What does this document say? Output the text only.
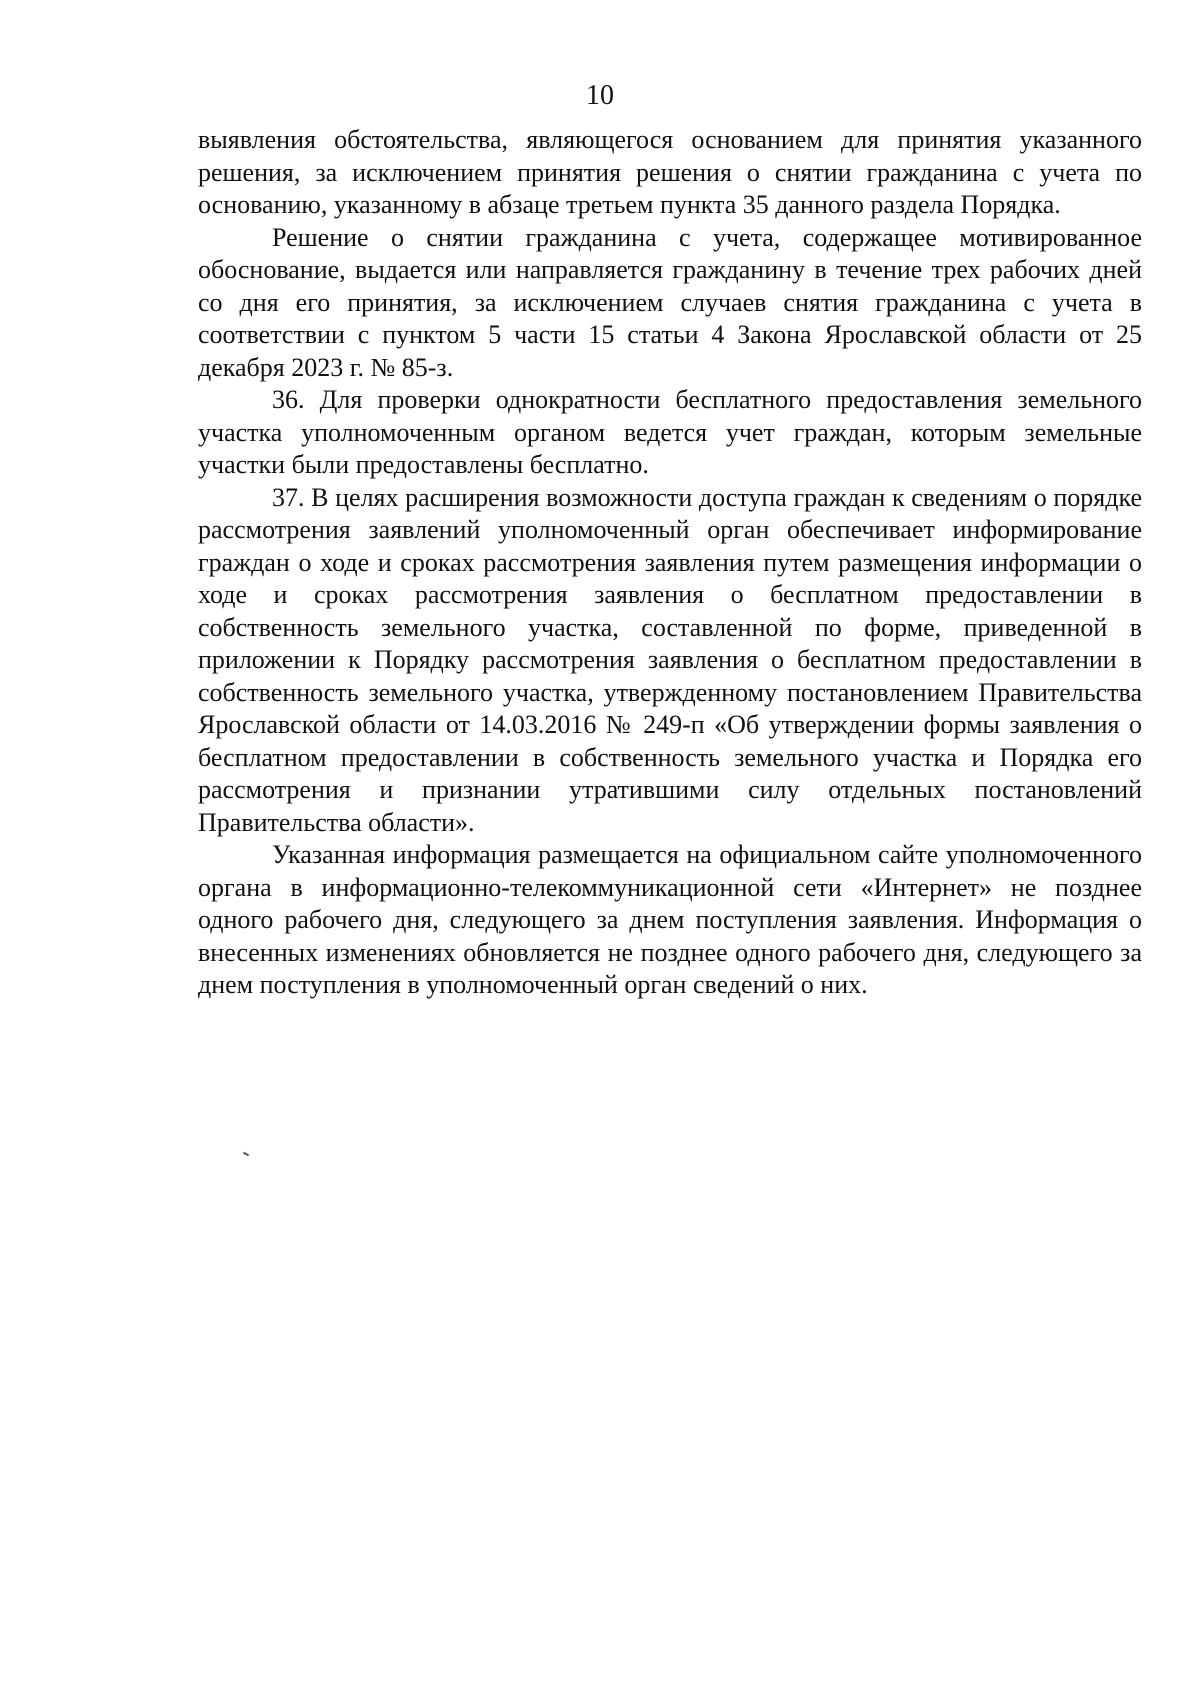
10

выявления обстоятельства, являющегося основанием для принятия указанного решения, за исключением принятия решения о снятии гражданина с учета по основанию, указанному в абзаце третьем пункта 35 данного раздела Порядка.

Решение о снятии гражданина с учета, содержащее мотивированное обоснование, выдается или направляется гражданину в течение трех рабочих дней со дня его принятия, за исключением случаев снятия гражданина с учета в соответствии с пунктом 5 части 15 статьи 4 Закона Ярославской области от 25 декабря 2023 г. № 85-з.

36. Для проверки однократности бесплатного предоставления земельного участка уполномоченным органом ведется учет граждан, которым земельные участки были предоставлены бесплатно.

37. В целях расширения возможности доступа граждан к сведениям о порядке рассмотрения заявлений уполномоченный орган обеспечивает информирование граждан о ходе и сроках рассмотрения заявления путем размещения информации о ходе и сроках рассмотрения заявления о бесплатном предоставлении в собственность земельного участка, составленной по форме, приведенной в приложении к Порядку рассмотрения заявления о бесплатном предоставлении в собственность земельного участка, утвержденному постановлением Правительства Ярославской области от 14.03.2016 № 249-п «Об утверждении формы заявления о бесплатном предоставлении в собственность земельного участка и Порядка его рассмотрения и признании утратившими силу отдельных постановлений Правительства области».

Указанная информация размещается на официальном сайте уполномоченного органа в информационно-телекоммуникационной сети «Интернет» не позднее одного рабочего дня, следующего за днем поступления заявления. Информация о внесенных изменениях обновляется не позднее одного рабочего дня, следующего за днем поступления в уполномоченный орган сведений о них.
